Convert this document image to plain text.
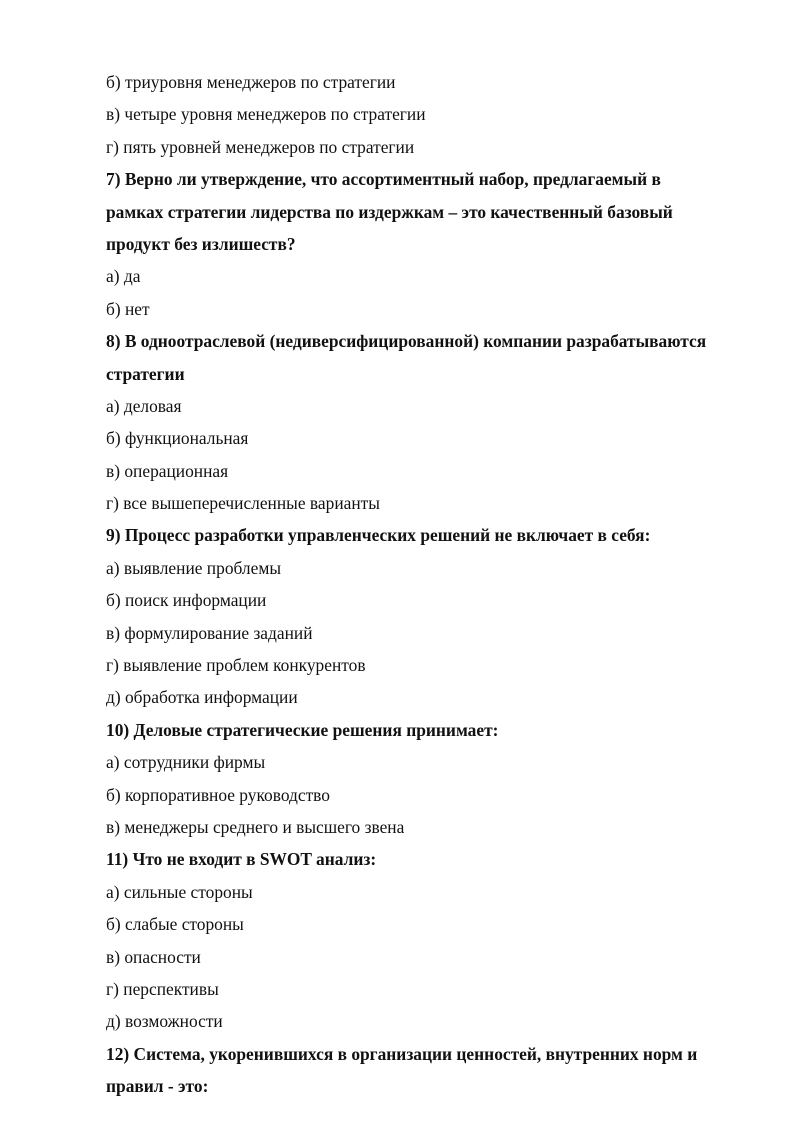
б) триуровня менеджеров по стратегии
в) четыре уровня менеджеров по стратегии
г) пять уровней менеджеров по стратегии
7) Верно ли утверждение, что ассортиментный набор, предлагаемый в
рамках стратегии лидерства по издержкам – это качественный базовый
продукт без излишеств?
а) да
б) нет
8) В одноотраслевой (недиверсифицированной) компании разрабатываются
стратегии
а) деловая
б) функциональная
в) операционная
г) все вышеперечисленные варианты
9) Процесс разработки управленческих решений не включает в себя:
а) выявление проблемы
б) поиск информации
в) формулирование заданий
г) выявление проблем конкурентов
д) обработка информации
10) Деловые стратегические решения принимает:
а) сотрудники фирмы
б) корпоративное руководство
в) менеджеры среднего и высшего звена
11) Что не входит в SWOT анализ:
а) сильные стороны
б) слабые стороны
в) опасности
г) перспективы
д) возможности
12) Система, укоренившихся в организации ценностей, внутренних норм и
правил - это:
